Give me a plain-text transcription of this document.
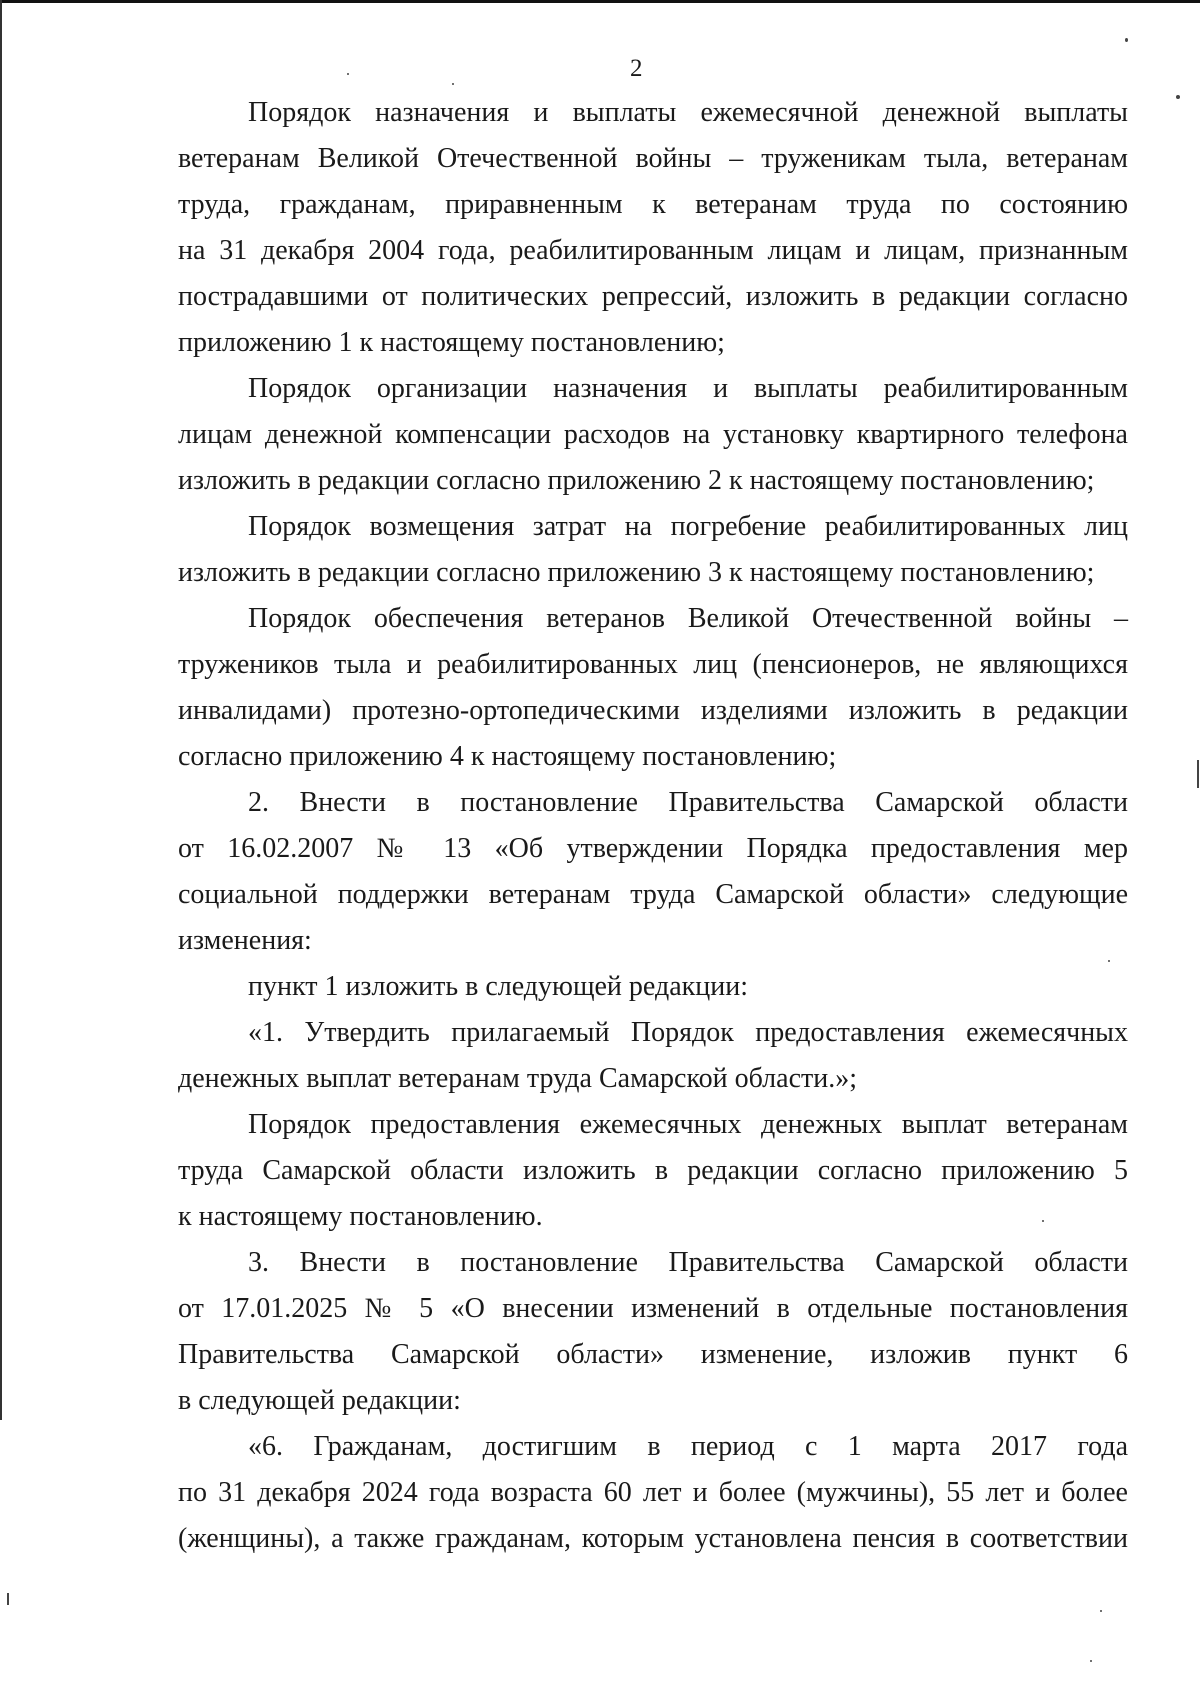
2
Порядок назначения и выплаты ежемесячной денежной выплаты
ветеранам Великой Отечественной войны – труженикам тыла, ветеранам
труда, гражданам, приравненным к ветеранам труда по состоянию
на 31 декабря 2004 года, реабилитированным лицам и лицам, признанным
пострадавшими от политических репрессий, изложить в редакции согласно
приложению 1 к настоящему постановлению;
Порядок организации назначения и выплаты реабилитированным
лицам денежной компенсации расходов на установку квартирного телефона
изложить в редакции согласно приложению 2 к настоящему постановлению;
Порядок возмещения затрат на погребение реабилитированных лиц
изложить в редакции согласно приложению 3 к настоящему постановлению;
Порядок обеспечения ветеранов Великой Отечественной войны –
тружеников тыла и реабилитированных лиц (пенсионеров, не являющихся
инвалидами) протезно-ортопедическими изделиями изложить в редакции
согласно приложению 4 к настоящему постановлению;
2. Внести в постановление Правительства Самарской области
от 16.02.2007 № 13 «Об утверждении Порядка предоставления мер
социальной поддержки ветеранам труда Самарской области» следующие
изменения:
пункт 1 изложить в следующей редакции:
«1. Утвердить прилагаемый Порядок предоставления ежемесячных
денежных выплат ветеранам труда Самарской области.»;
Порядок предоставления ежемесячных денежных выплат ветеранам
труда Самарской области изложить в редакции согласно приложению 5
к настоящему постановлению.
3. Внести в постановление Правительства Самарской области
от 17.01.2025 № 5 «О внесении изменений в отдельные постановления
Правительства Самарской области» изменение, изложив пункт 6
в следующей редакции:
«6. Гражданам, достигшим в период с 1 марта 2017 года
по 31 декабря 2024 года возраста 60 лет и более (мужчины), 55 лет и более
(женщины), а также гражданам, которым установлена пенсия в соответствии
